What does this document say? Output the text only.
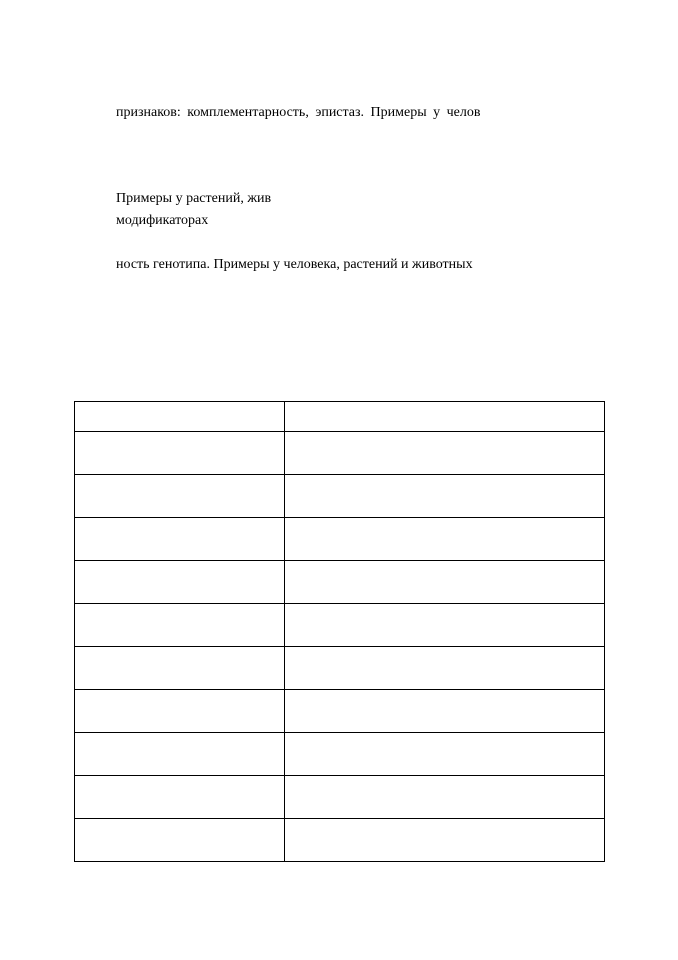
признаков: комплементарность, эпистаз. Примеры у челов

Примеры у растений, жив

модификаторах

ность генотипа. Примеры у человека, растений и животных
